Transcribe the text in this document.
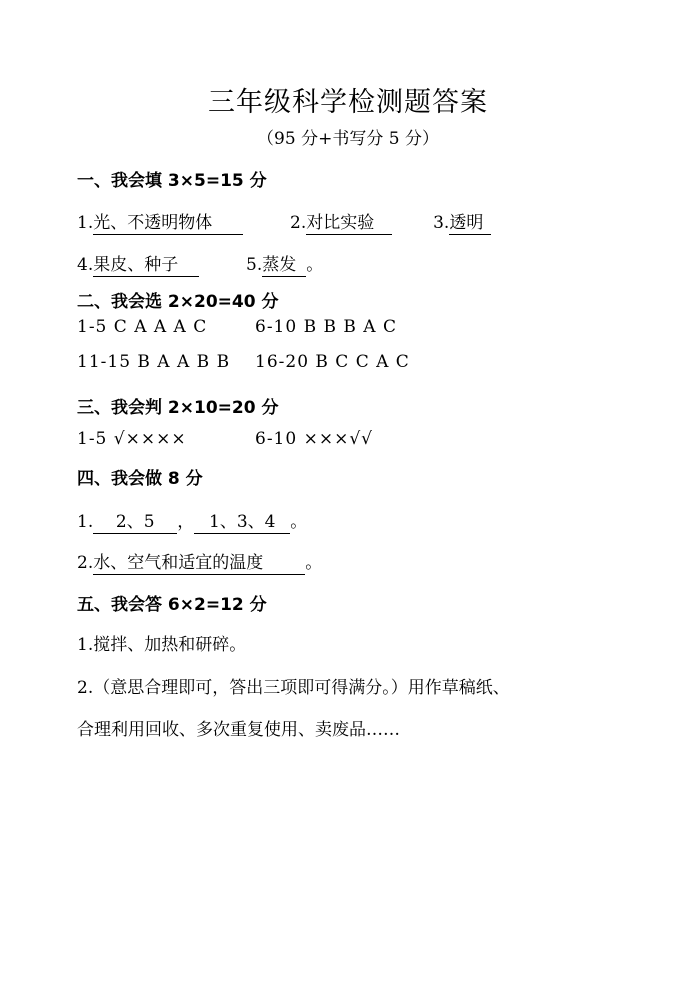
三年级科学检测题答案
（95 分+书写分 5 分）
一、我会填 3×5=15 分
1.光、不透明物体	2.对比实验	3.透明
4.果皮、种子	5.蒸发 。
二、我会选 2×20=40 分
1-5 C A A A C	6-10 B B B A C
11-15 B A A B B 16-20 B C C A C
三、我会判 2×10=20 分
1-5 √××××	6-10 ×××√√
四、我会做 8 分
1. 2、5 ， 1、3、4 。
2.水、空气和适宜的温度 。
五、我会答 6×2=12 分
1.搅拌、加热和研碎。
2.（意思合理即可，答出三项即可得满分。）用作草稿纸、
合理利用回收、多次重复使用、卖废品……
